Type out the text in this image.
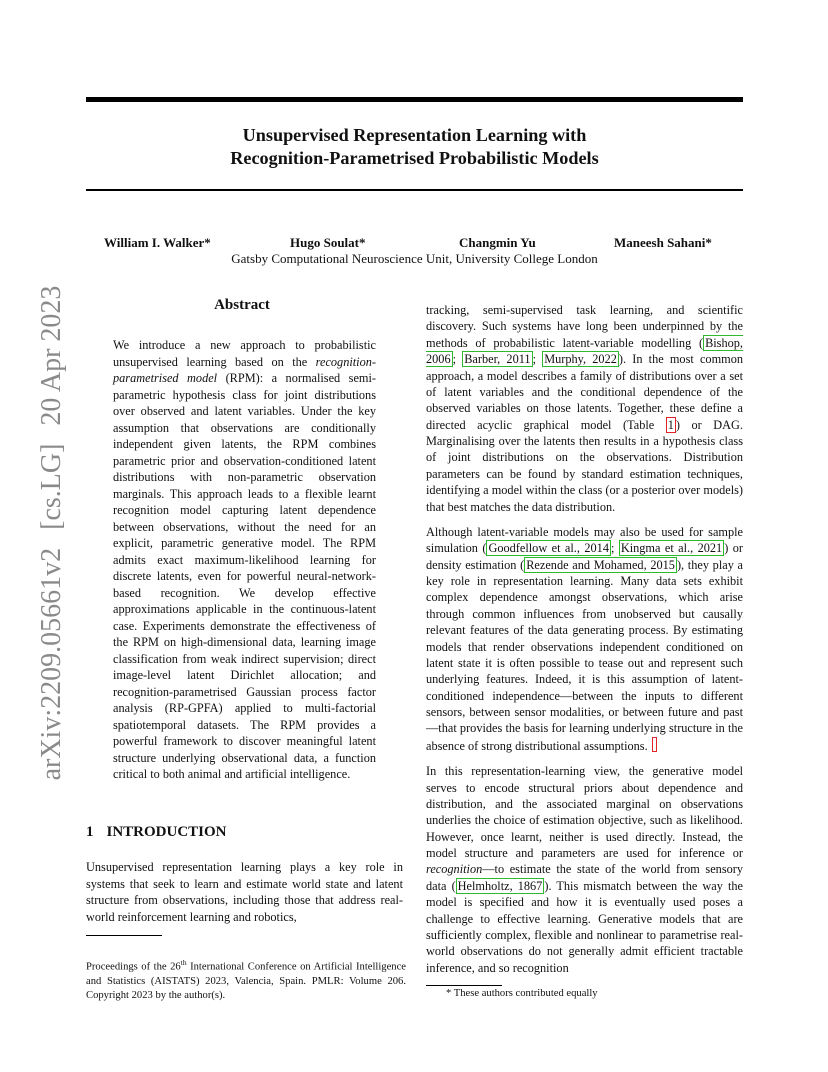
Unsupervised Representation Learning with
Recognition-Parametrised Probabilistic Models
William I. Walker*	Hugo Soulat*	Changmin Yu	Maneesh Sahani*
Gatsby Computational Neuroscience Unit, University College London
arXiv:2209.05661v2[cs.LG]20 Apr 2023	Abstract
We introduce a new approach to probabilistic unsupervised learning based on the recognition-parametrised model (RPM): a normalised semi-parametric hypothesis class for joint distributions over observed and latent variables. Under the key assumption that observations are conditionally independent given latents, the RPM combines parametric prior and observation-conditioned latent distributions with non-parametric observation marginals. This approach leads to a flexible learnt recognition model capturing latent dependence between observations, without the need for an explicit, parametric generative model. The RPM admits exact maximum-likelihood learning for discrete latents, even for powerful neural-network-based recognition. We develop effective approximations applicable in the continuous-latent case. Experiments demonstrate the effectiveness of the RPM on high-dimensional data, learning image classification from weak indirect supervision; direct image-level latent Dirichlet allocation; and recognition-parametrised Gaussian process factor analysis (RP-GPFA) applied to multi-factorial spatiotemporal datasets. The RPM provides a powerful framework to discover meaningful latent structure underlying observational data, a function critical to both animal and artificial intelligence.
1 INTRODUCTION
Unsupervised representation learning plays a key role in systems that seek to learn and estimate world state and latent structure from observations, including those that address real-world reinforcement learning and robotics,
Proceedings of the 26th International Conference on Artificial Intelligence and Statistics (AISTATS) 2023, Valencia, Spain. PMLR: Volume 206. Copyright 2023 by the author(s).

tracking, semi-supervised task learning, and scientific discovery. Such systems have long been underpinned by the methods of probabilistic latent-variable modelling ( Bishop, 2006 ; Barber, 2011 ; Murphy, 2022 ). In the most common approach, a model describes a family of distributions over a set of latent variables and the conditional dependence of the observed variables on those latents. Together, these define a directed acyclic graphical model (Table 1 ) or DAG. Marginalising over the latents then results in a hypothesis class of joint distributions on the observations. Distribution parameters can be found by standard estimation techniques, identifying a model within the class (or a posterior over models) that best matches the data distribution.

Although latent-variable models may also be used for sample simulation ( Goodfellow et al., 2014 ; Kingma et al., 2021 ) or density estimation ( Rezende and Mohamed, 2015 ), they play a key role in representation learning. Many data sets exhibit complex dependence amongst observations, which arise through common influences from unobserved but causally relevant features of the data generating process. By estimating models that render observations independent conditioned on latent state it is often possible to tease out and represent such underlying features. Indeed, it is this assumption of latent-conditioned independence—between the inputs to different sensors, between sensor modalities, or between future and past—that provides the basis for learning underlying structure in the absence of strong distributional assumptions.

In this representation-learning view, the generative model serves to encode structural priors about dependence and distribution, and the associated marginal on observations underlies the choice of estimation objective, such as likelihood. However, once learnt, neither is used directly. Instead, the model structure and parameters are used for inference or recognition—to estimate the state of the world from sensory data ( Helmholtz, 1867 ). This mismatch between the way the model is specified and how it is eventually used poses a challenge to effective learning. Generative models that are sufficiently complex, flexible and nonlinear to parametrise real-world observations do not generally admit efficient tractable inference, and so recognition

* These authors contributed equally
